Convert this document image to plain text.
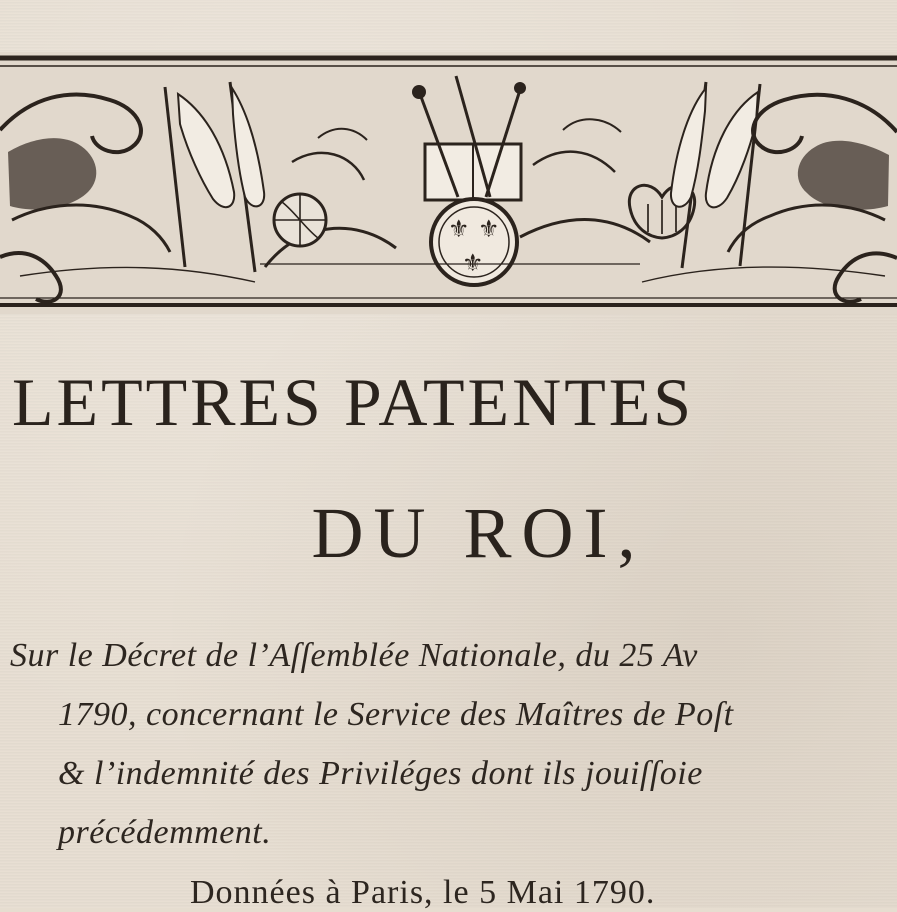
⚜ ⚜
⚜
LETTRES PATENTES
DU ROI,
Sur le Décret de l’Aſſemblée Nationale, du 25 Av
1790, concernant le Service des Maîtres de Poſt
& l’indemnité des Priviléges dont ils jouiſſoie
précédemment.
Données à Paris, le 5 Mai 1790.
